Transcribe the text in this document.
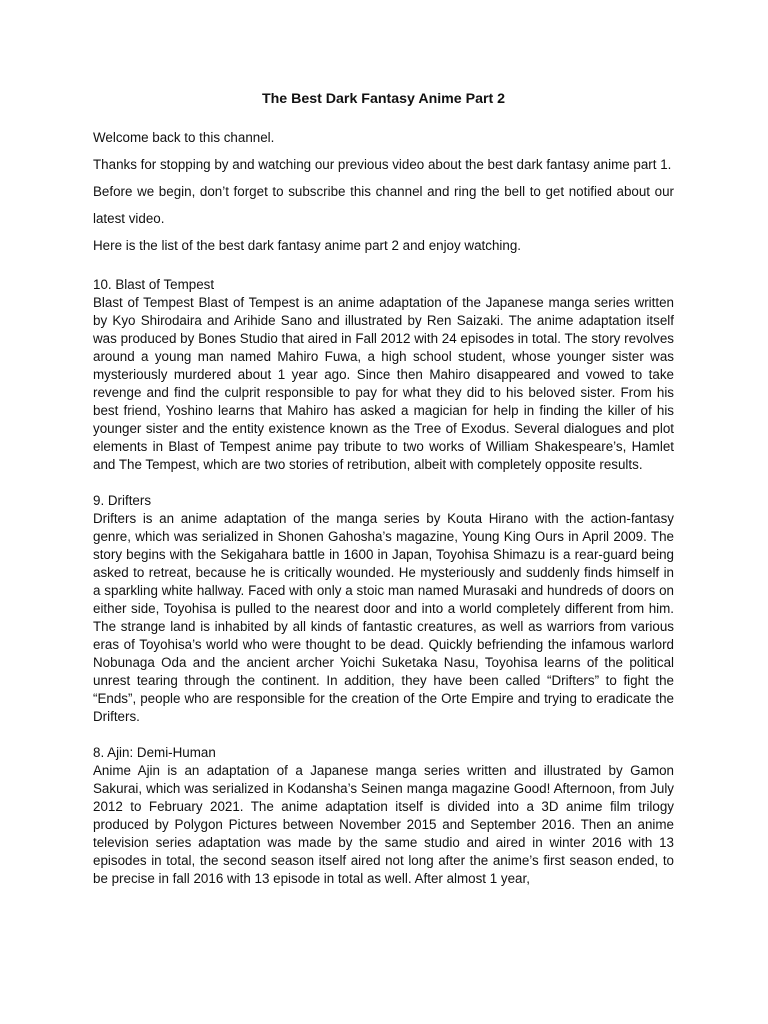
The Best Dark Fantasy Anime Part 2

Welcome back to this channel.

Thanks for stopping by and watching our previous video about the best dark fantasy anime part 1.

Before we begin, don’t forget to subscribe this channel and ring the bell to get notified about our latest video.

Here is the list of the best dark fantasy anime part 2 and enjoy watching.

10. Blast of Tempest

Blast of Tempest Blast of Tempest is an anime adaptation of the Japanese manga series written by Kyo Shirodaira and Arihide Sano and illustrated by Ren Saizaki. The anime adaptation itself was produced by Bones Studio that aired in Fall 2012 with 24 episodes in total. The story revolves around a young man named Mahiro Fuwa, a high school student, whose younger sister was mysteriously murdered about 1 year ago. Since then Mahiro disappeared and vowed to take revenge and find the culprit responsible to pay for what they did to his beloved sister. From his best friend, Yoshino learns that Mahiro has asked a magician for help in finding the killer of his younger sister and the entity existence known as the Tree of Exodus. Several dialogues and plot elements in Blast of Tempest anime pay tribute to two works of William Shakespeare’s, Hamlet and The Tempest, which are two stories of retribution, albeit with completely opposite results.

9. Drifters

Drifters is an anime adaptation of the manga series by Kouta Hirano with the action-fantasy genre, which was serialized in Shonen Gahosha’s magazine, Young King Ours in April 2009. The story begins with the Sekigahara battle in 1600 in Japan, Toyohisa Shimazu is a rear-guard being asked to retreat, because he is critically wounded. He mysteriously and suddenly finds himself in a sparkling white hallway. Faced with only a stoic man named Murasaki and hundreds of doors on either side, Toyohisa is pulled to the nearest door and into a world completely different from him. The strange land is inhabited by all kinds of fantastic creatures, as well as warriors from various eras of Toyohisa’s world who were thought to be dead. Quickly befriending the infamous warlord Nobunaga Oda and the ancient archer Yoichi Suketaka Nasu, Toyohisa learns of the political unrest tearing through the continent. In addition, they have been called “Drifters” to fight the “Ends”, people who are responsible for the creation of the Orte Empire and trying to eradicate the Drifters.

8. Ajin: Demi-Human

Anime Ajin is an adaptation of a Japanese manga series written and illustrated by Gamon Sakurai, which was serialized in Kodansha’s Seinen manga magazine Good! Afternoon, from July 2012 to February 2021. The anime adaptation itself is divided into a 3D anime film trilogy produced by Polygon Pictures between November 2015 and September 2016. Then an anime television series adaptation was made by the same studio and aired in winter 2016 with 13 episodes in total, the second season itself aired not long after the anime’s first season ended, to be precise in fall 2016 with 13 episode in total as well. After almost 1 year,
